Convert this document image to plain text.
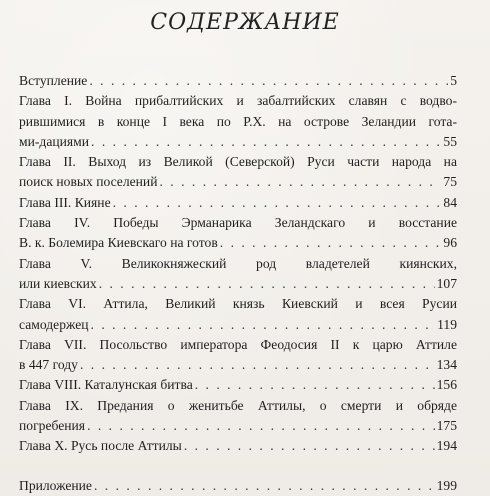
СОДЕРЖАНИЕ
Вступление . . .	5
Глава I. Война прибалтийских и забалтийских славян с водво-
рившимися в конце I века по Р.Х. на острове Зеландии гота-
ми-дациями . . .	55
Глава II. Выход из Великой (Северской) Руси части народа на
поиск новых поселений . . .	75
Глава III. Кияне . . .	84
Глава IV. Победы Эрманарика Зеландскаго и восстание
В. к. Болемира Киевскаго на готов . . .	96
Глава V. Великокняжеский род владетелей киянских,
или киевских . . .	107
Глава VI. Аттила, Великий князь Киевский и всея Русии
самодержец . . .	119
Глава VII. Посольство императора Феодосия II к царю Аттиле
в 447 году . . .	134
Глава VIII. Каталунская битва . . .	156
Глава IX. Предания о женитьбе Аттилы, о смерти и обряде
погребения . . .	175
Глава X. Русь после Аттилы . . .	194
Приложение . . .	199
